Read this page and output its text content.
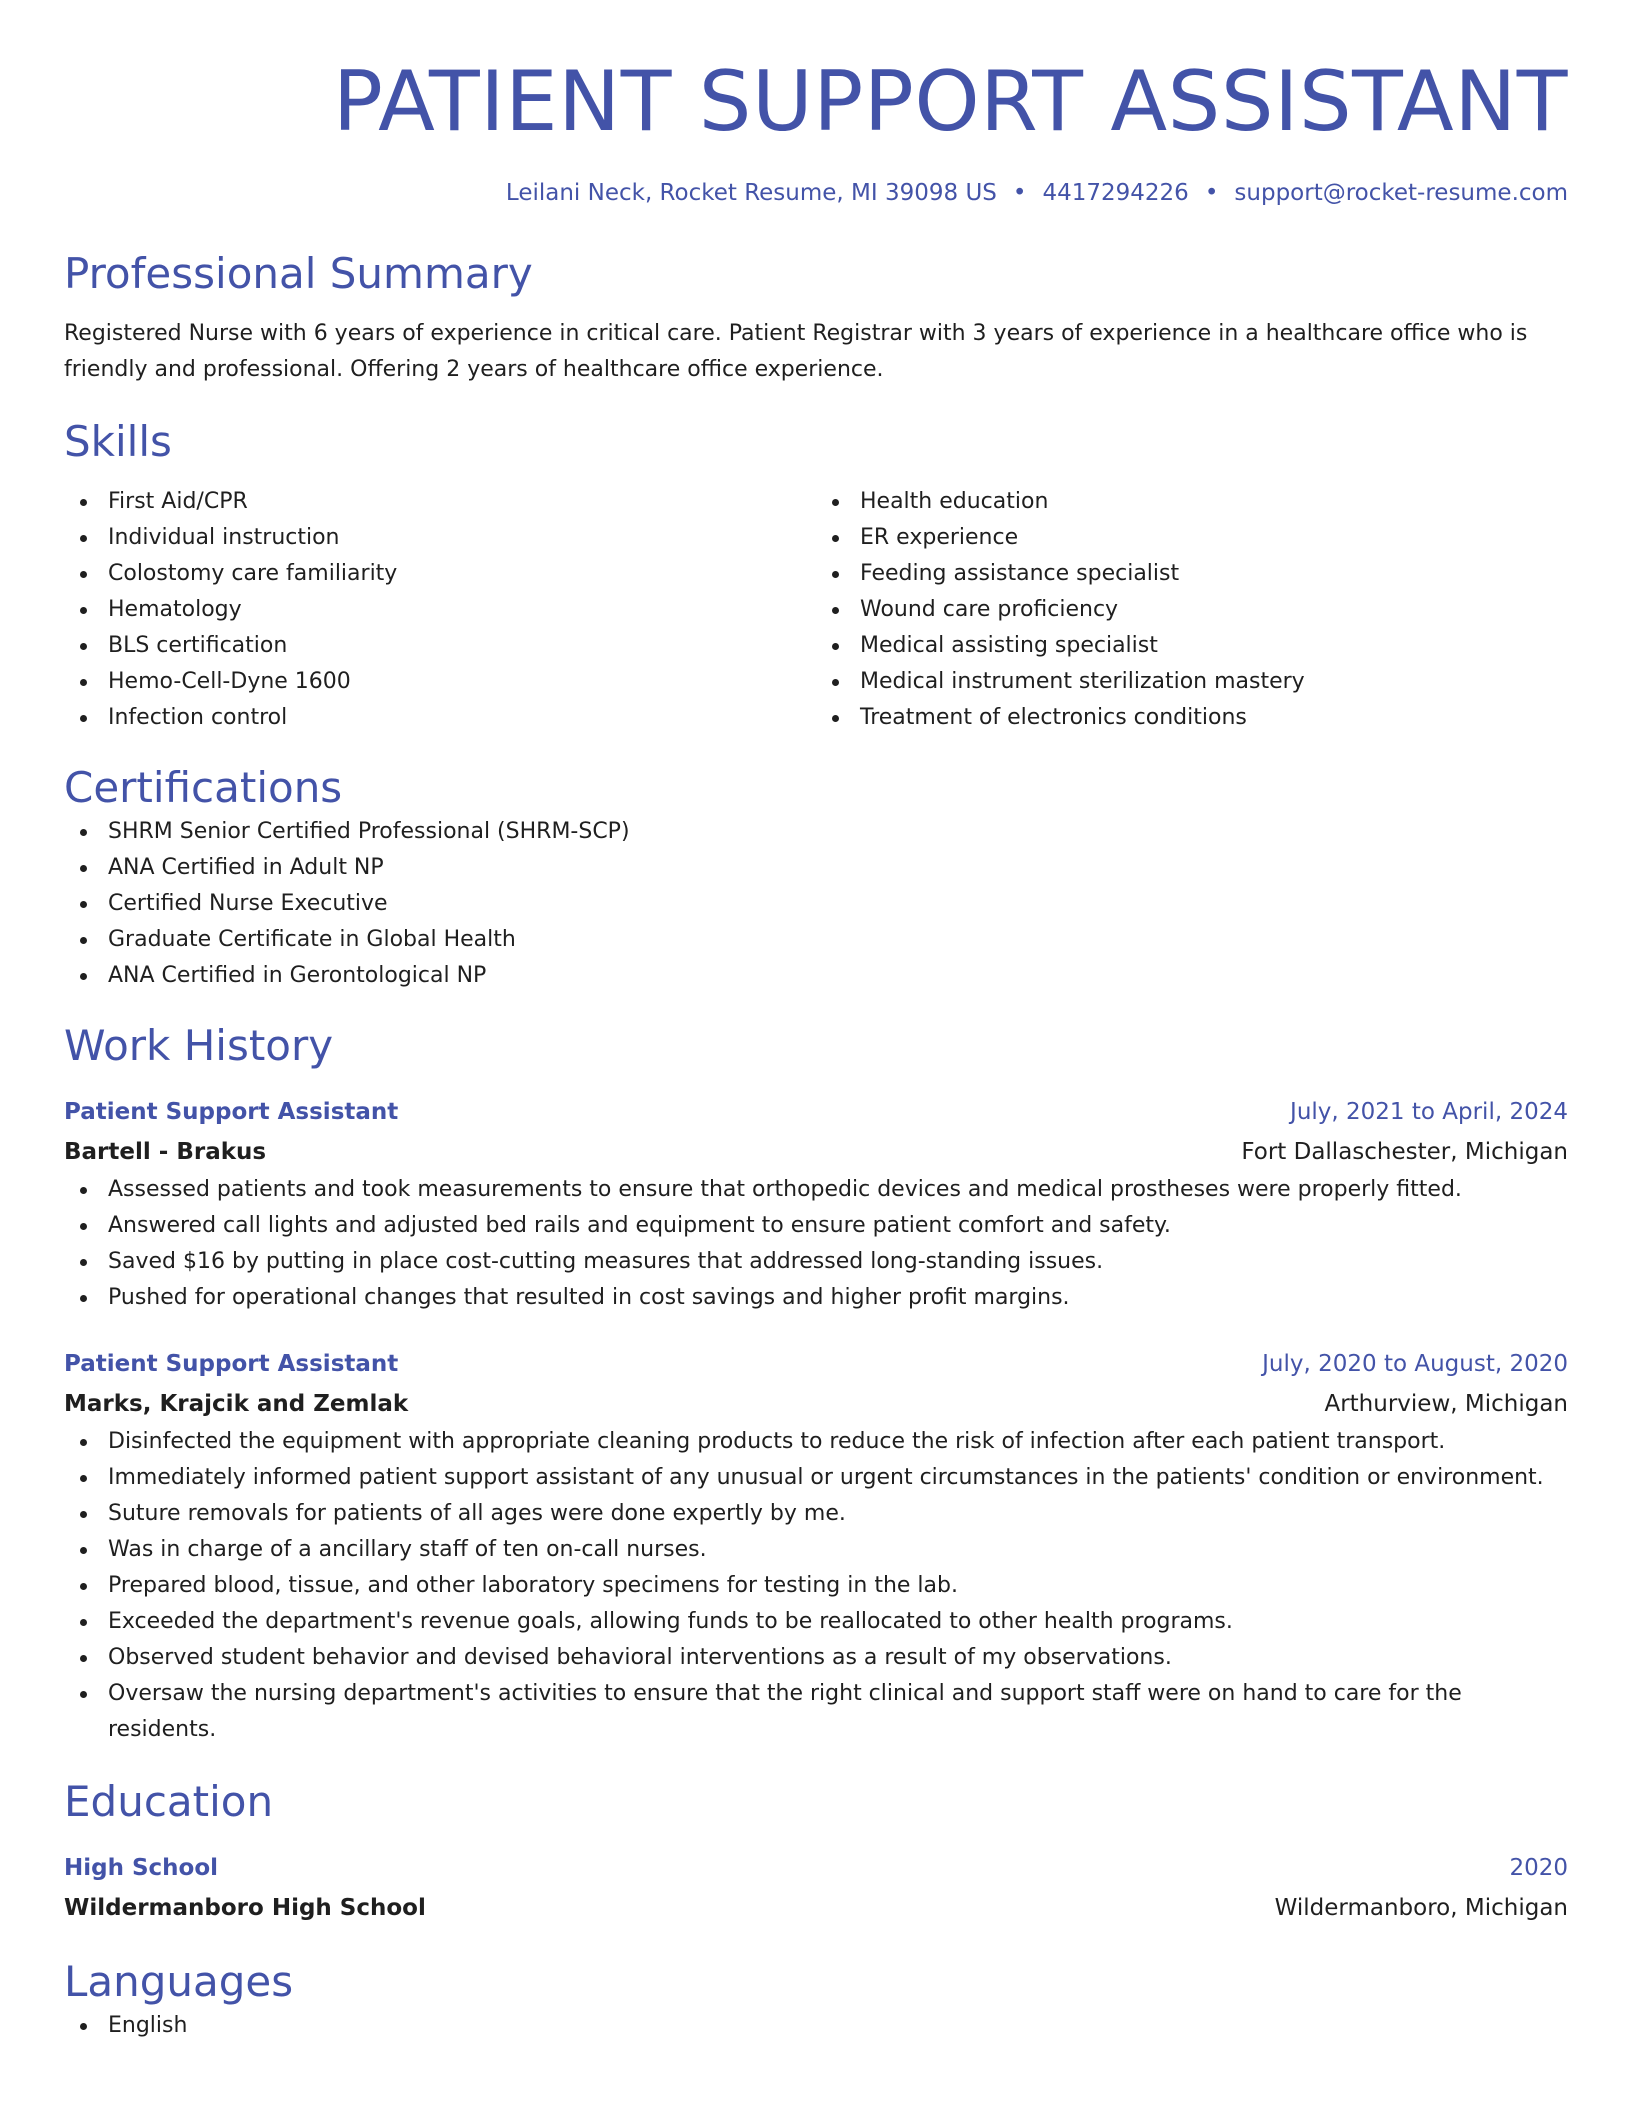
PATIENT SUPPORT ASSISTANT
Leilani Neck, Rocket Resume, MI 39098 US • 4417294226 • support@rocket-resume.com
Professional Summary
Registered Nurse with 6 years of experience in critical care. Patient Registrar with 3 years of experience in a healthcare office who is friendly and professional. Offering 2 years of healthcare office experience.
Skills
First Aid/CPR
Individual instruction
Colostomy care familiarity
Hematology
BLS certification
Hemo-Cell-Dyne 1600
Infection control
Health education
ER experience
Feeding assistance specialist
Wound care proficiency
Medical assisting specialist
Medical instrument sterilization mastery
Treatment of electronics conditions
Certifications
SHRM Senior Certified Professional (SHRM-SCP)
ANA Certified in Adult NP
Certified Nurse Executive
Graduate Certificate in Global Health
ANA Certified in Gerontological NP
Work History
Patient Support Assistant	July, 2021 to April, 2024
Bartell - Brakus	Fort Dallaschester, Michigan
Assessed patients and took measurements to ensure that orthopedic devices and medical prostheses were properly fitted.
Answered call lights and adjusted bed rails and equipment to ensure patient comfort and safety.
Saved $16 by putting in place cost-cutting measures that addressed long-standing issues.
Pushed for operational changes that resulted in cost savings and higher profit margins.
Patient Support Assistant	July, 2020 to August, 2020
Marks, Krajcik and Zemlak	Arthurview, Michigan
Disinfected the equipment with appropriate cleaning products to reduce the risk of infection after each patient transport.
Immediately informed patient support assistant of any unusual or urgent circumstances in the patients' condition or environment.
Suture removals for patients of all ages were done expertly by me.
Was in charge of a ancillary staff of ten on-call nurses.
Prepared blood, tissue, and other laboratory specimens for testing in the lab.
Exceeded the department's revenue goals, allowing funds to be reallocated to other health programs.
Observed student behavior and devised behavioral interventions as a result of my observations.
Oversaw the nursing department's activities to ensure that the right clinical and support staff were on hand to care for the residents.
Education
High School	2020
Wildermanboro High School	Wildermanboro, Michigan
Languages
English
